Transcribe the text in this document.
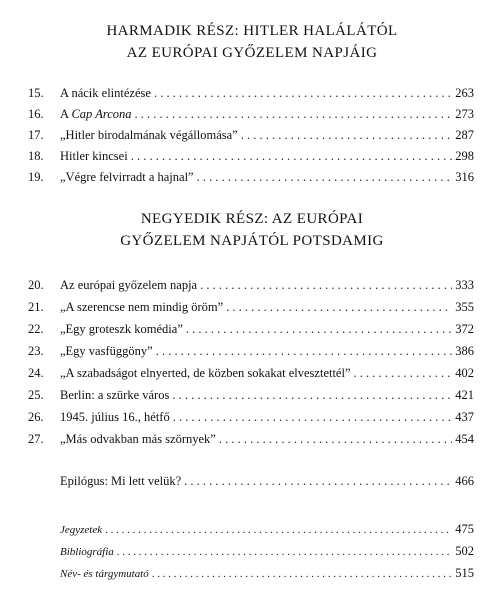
HARMADIK RÉSZ: HITLER HALÁLÁTÓL
AZ EURÓPAI GYŐZELEM NAPJÁIG
15.	A nácik elintézése . . .	263
16.	A Cap Arcona . . .	273
17.	„Hitler birodalmának végállomása” . . .	287
18.	Hitler kincsei . . .	298
19.	„Végre felvirradt a hajnal” . . .	316
NEGYEDIK RÉSZ: AZ EURÓPAI
GYŐZELEM NAPJÁTÓL POTSDAMIG
20.	Az európai győzelem napja . . .	333
21.	„A szerencse nem mindig öröm” . . .	355
22.	„Egy groteszk komédia” . . .	372
23.	„Egy vasfüggöny” . . .	386
24.	„A szabadságot elnyerted, de közben sokakat elvesztettél” . . .	402
25.	Berlin: a szürke város . . .	421
26.	1945. július 16., hétfő . . .	437
27.	„Más odvakban más szörnyek” . . .	454
Epilógus: Mi lett velük? . . .	466
Jegyzetek . . .	475
Bibliográfia . . .	502
Név- és tárgymutató . . .	515
